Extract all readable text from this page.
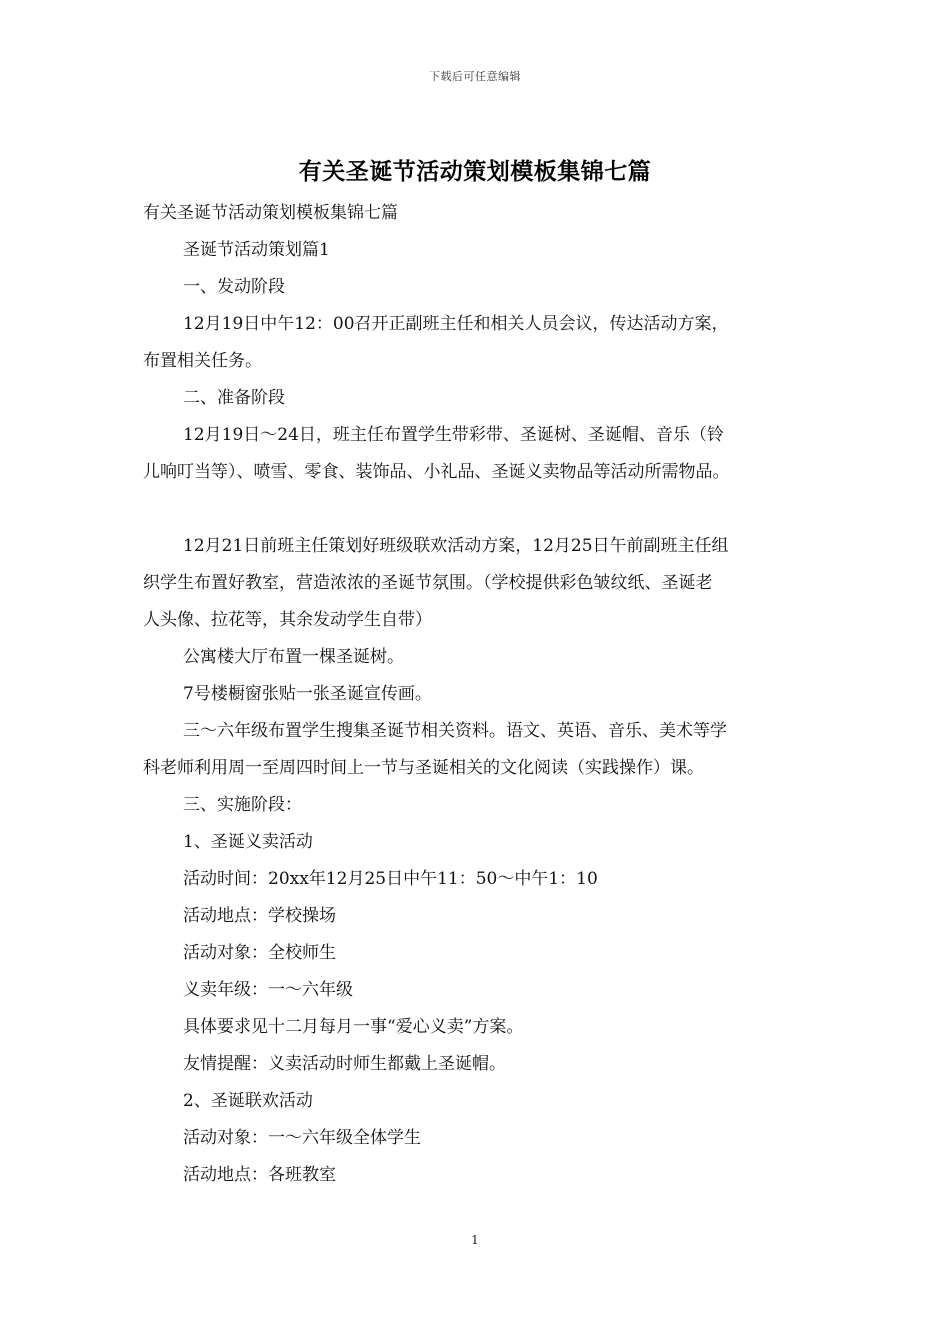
下载后可任意编辑
有关圣诞节活动策划模板集锦七篇

有关圣诞节活动策划模板集锦七篇

圣诞节活动策划篇1

一、发动阶段

12月19日中午12：00召开正副班主任和相关人员会议，传达活动方案，

布置相关任务。

二、准备阶段

12月19日～24日，班主任布置学生带彩带、圣诞树、圣诞帽、音乐（铃

儿响叮当等）、喷雪、零食、装饰品、小礼品、圣诞义卖物品等活动所需物品。

12月21日前班主任策划好班级联欢活动方案，12月25日午前副班主任组

织学生布置好教室，营造浓浓的圣诞节氛围。（学校提供彩色皱纹纸、圣诞老

人头像、拉花等，其余发动学生自带）

公寓楼大厅布置一棵圣诞树。

7号楼橱窗张贴一张圣诞宣传画。

三～六年级布置学生搜集圣诞节相关资料。语文、英语、音乐、美术等学

科老师利用周一至周四时间上一节与圣诞相关的文化阅读（实践操作）课。

三、实施阶段：

1、圣诞义卖活动

活动时间：20xx年12月25日中午11：50～中午1：10

活动地点：学校操场

活动对象：全校师生

义卖年级：一～六年级

具体要求见十二月每月一事“爱心义卖”方案。

友情提醒：义卖活动时师生都戴上圣诞帽。

2、圣诞联欢活动

活动对象：一～六年级全体学生

活动地点：各班教室

1
